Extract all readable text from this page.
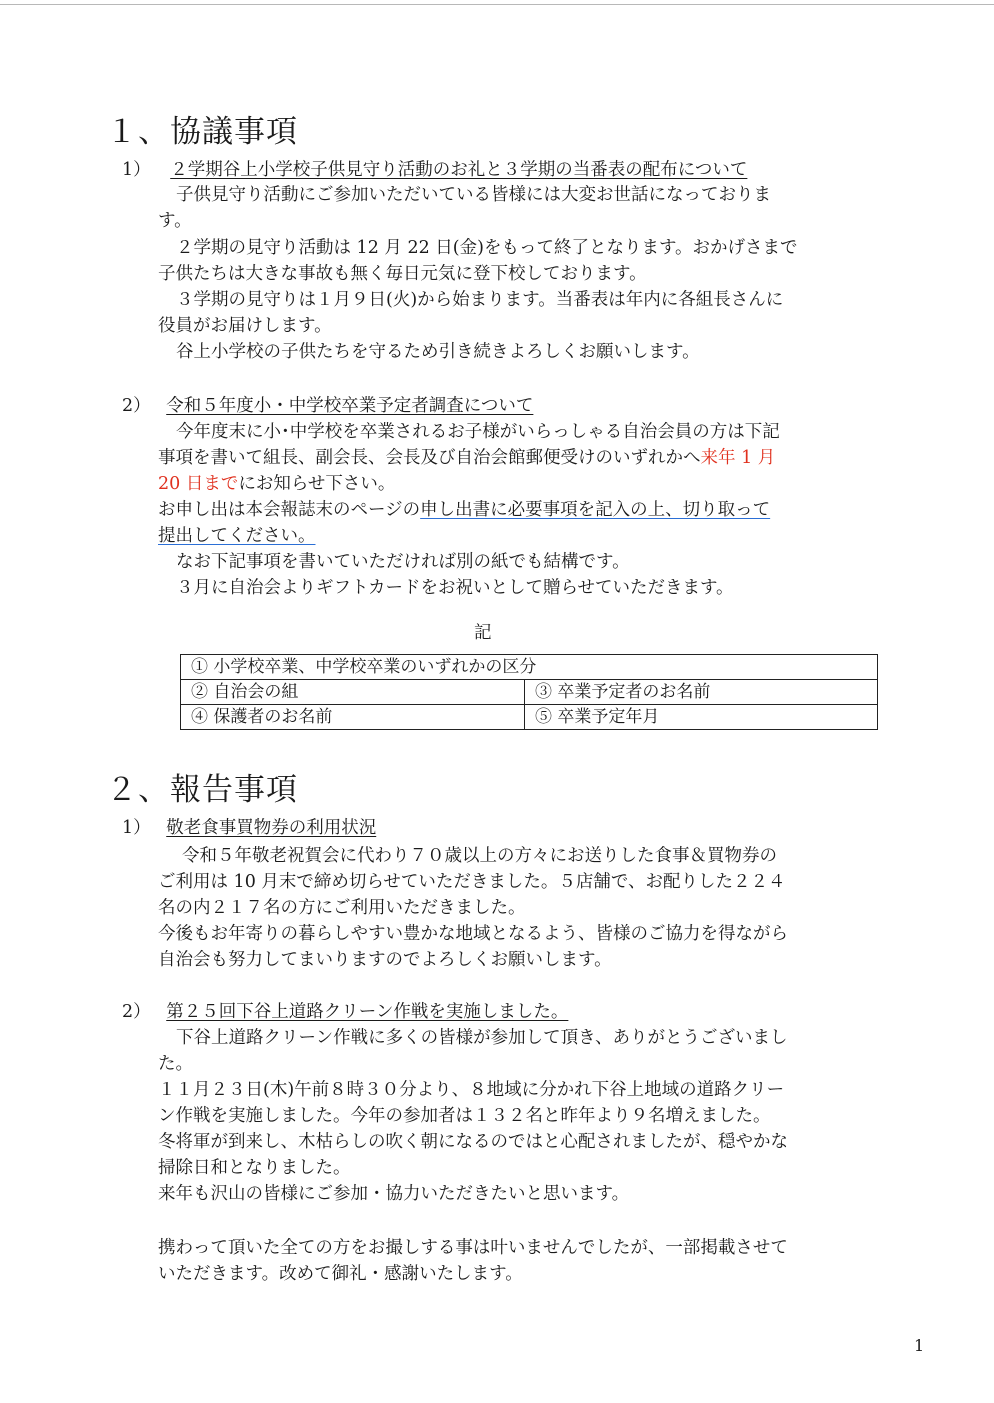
１、協議事項
1） ２学期谷上小学校子供見守り活動のお礼と３学期の当番表の配布について
子供見守り活動にご参加いただいている皆様には大変お世話になっておりま
す。
２学期の見守り活動は 12 月 22 日(金)をもって終了となります。おかげさまで
子供たちは大きな事故も無く毎日元気に登下校しております。
３学期の見守りは１月９日(火)から始まります。当番表は年内に各組長さんに
役員がお届けします。
谷上小学校の子供たちを守るため引き続きよろしくお願いします。
2） 令和５年度小・中学校卒業予定者調査について
今年度末に小･中学校を卒業されるお子様がいらっしゃる自治会員の方は下記
事項を書いて組長、副会長、会長及び自治会館郵便受けのいずれかへ来年 1 月
20 日までにお知らせ下さい。
お申し出は本会報誌末のページの申し出書に必要事項を記入の上、切り取って
提出してください。
なお下記事項を書いていただければ別の紙でも結構です。
３月に自治会よりギフトカードをお祝いとして贈らせていただきます。
記
① 小学校卒業、中学校卒業のいずれかの区分	
② 自治会の組	③ 卒業予定者のお名前
④ 保護者のお名前	⑤ 卒業予定年月
２、報告事項
1） 敬老食事買物券の利用状況
令和５年敬老祝賀会に代わり７０歳以上の方々にお送りした食事＆買物券の
ご利用は 10 月末で締め切らせていただきました。５店舗で、お配りした２２４
名の内２１７名の方にご利用いただきました。
今後もお年寄りの暮らしやすい豊かな地域となるよう、皆様のご協力を得ながら
自治会も努力してまいりますのでよろしくお願いします。
2） 第２５回下谷上道路クリーン作戦を実施しました。
下谷上道路クリーン作戦に多くの皆様が参加して頂き、ありがとうございまし
た。
１１月２３日(木)午前８時３０分より、８地域に分かれ下谷上地域の道路クリー
ン作戦を実施しました。今年の参加者は１３２名と昨年より９名増えました。
冬将軍が到来し、木枯らしの吹く朝になるのではと心配されましたが、穏やかな
掃除日和となりました。
来年も沢山の皆様にご参加・協力いただきたいと思います。
携わって頂いた全ての方をお撮しする事は叶いませんでしたが、一部掲載させて
いただきます。改めて御礼・感謝いたします。
1
